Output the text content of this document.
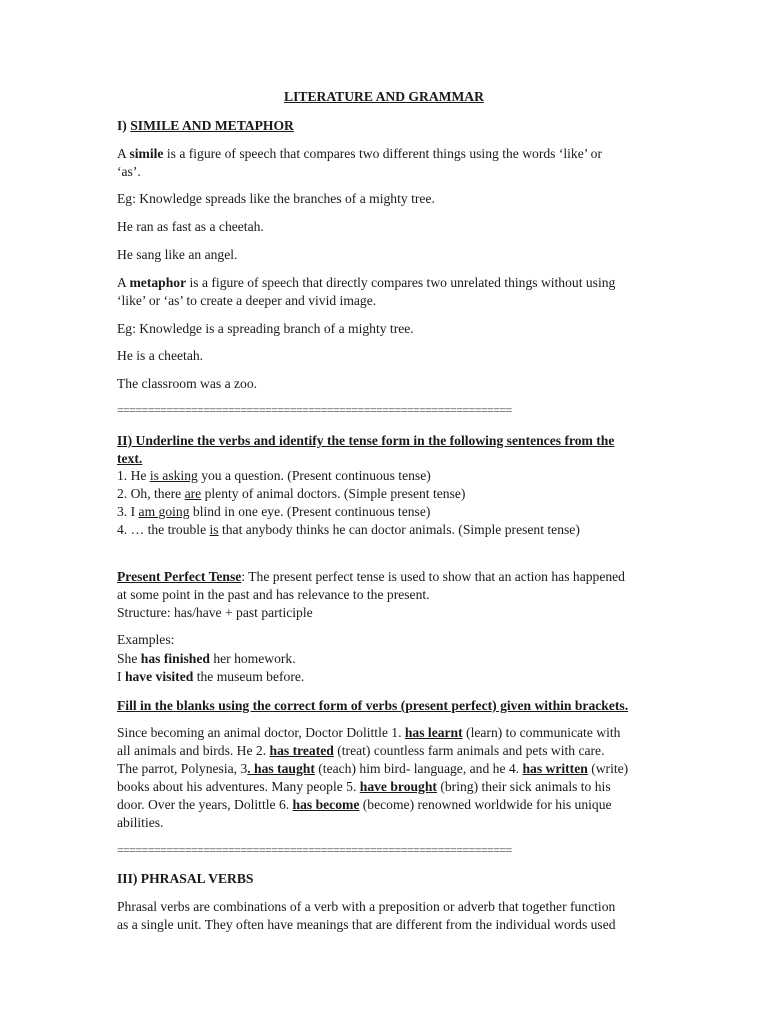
LITERATURE AND GRAMMAR
I) SIMILE AND METAPHOR
A simile is a figure of speech that compares two different things using the words ‘like’ or
‘as’.
Eg: Knowledge spreads like the branches of a mighty tree.
He ran as fast as a cheetah.
He sang like an angel.
A metaphor is a figure of speech that directly compares two unrelated things without using
‘like’ or ‘as’ to create a deeper and vivid image.
Eg: Knowledge is a spreading branch of a mighty tree.
He is a cheetah.
The classroom was a zoo.
================================================================
II) Underline the verbs and identify the tense form in the following sentences from the
text.
1. He is asking you a question. (Present continuous tense)
2. Oh, there are plenty of animal doctors. (Simple present tense)
3. I am going blind in one eye. (Present continuous tense)
4. … the trouble is that anybody thinks he can doctor animals. (Simple present tense)
Present Perfect Tense: The present perfect tense is used to show that an action has happened
at some point in the past and has relevance to the present.
Structure: has/have + past participle
Examples:
She has finished her homework.
I have visited the museum before.
Fill in the blanks using the correct form of verbs (present perfect) given within brackets.
Since becoming an animal doctor, Doctor Dolittle 1. has learnt (learn) to communicate with
all animals and birds. He 2. has treated (treat) countless farm animals and pets with care.
The parrot, Polynesia, 3. has taught (teach) him bird- language, and he 4. has written (write)
books about his adventures. Many people 5. have brought (bring) their sick animals to his
door. Over the years, Dolittle 6. has become (become) renowned worldwide for his unique
abilities.
================================================================
III) PHRASAL VERBS
Phrasal verbs are combinations of a verb with a preposition or adverb that together function
as a single unit. They often have meanings that are different from the individual words used
